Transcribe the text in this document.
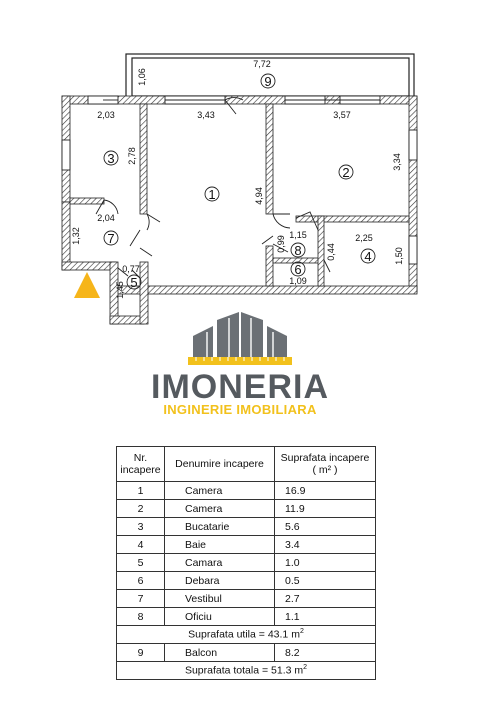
7,72
1,06
2,03
2,78
3,43
4,94
3,57
3,34
2,04
1,32
0,77
1,45
1,15
0,99
1,09
0,44
2,25
1,50
9
1
2
3
4
5
6
7
8
IMONERIA
INGINERIE IMOBILIARA
Nr. incapere	Denumire incapere	Suprafata incapere
( m² )
1	Camera	16.9
2	Camera	11.9
3	Bucatarie	5.6
4	Baie	3.4
5	Camara	1.0
6	Debara	0.5
7	Vestibul	2.7
8	Oficiu	1.1
Suprafata utila = 43.1 $m^2$
9	Balcon	8.2
Suprafata totala = 51.3 $m^2$
